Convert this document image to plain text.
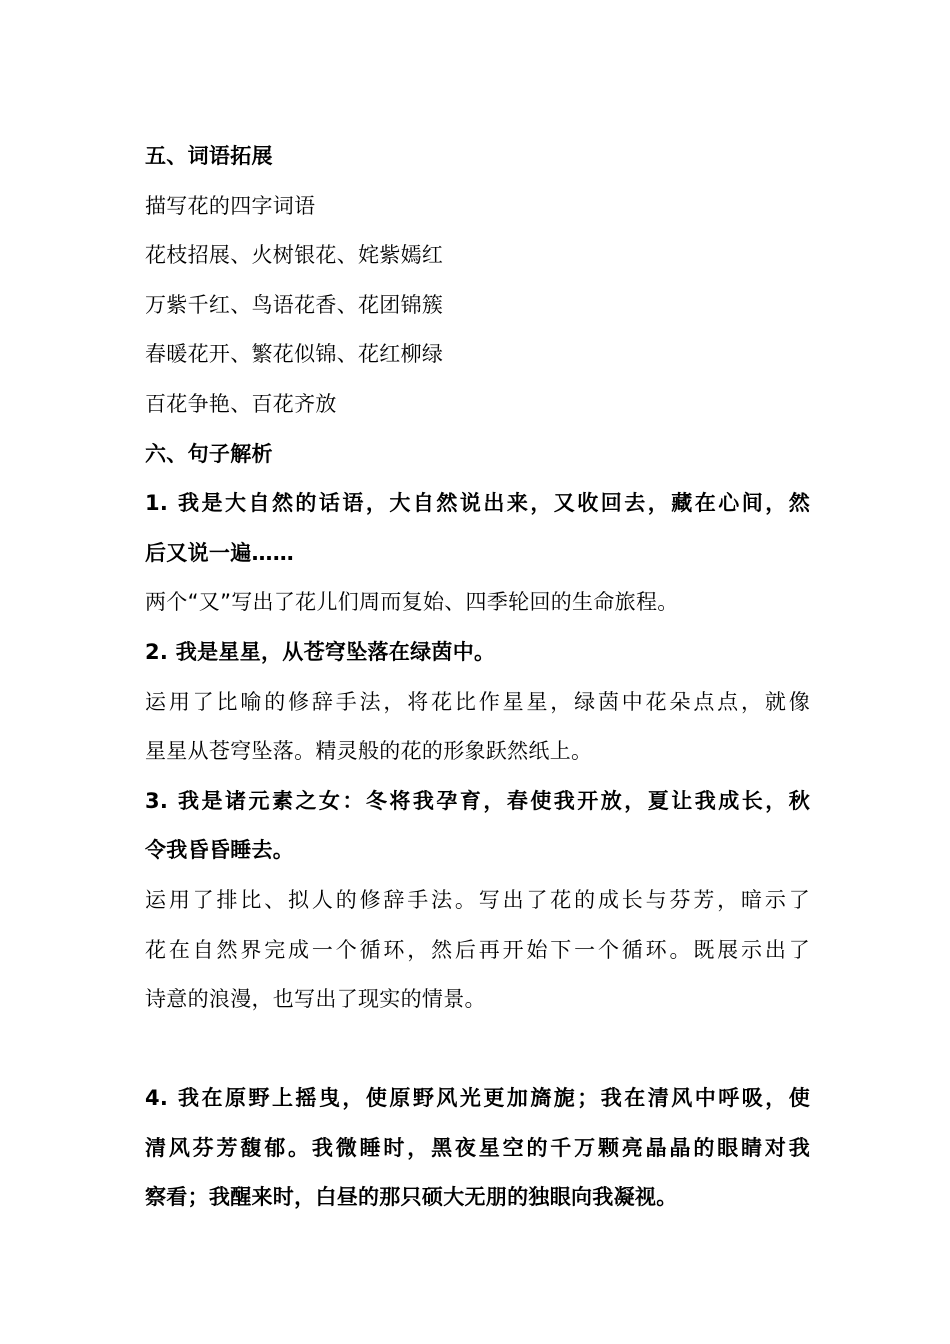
五、词语拓展
描写花的四字词语
花枝招展、火树银花、姹紫嫣红
万紫千红、鸟语花香、花团锦簇
春暖花开、繁花似锦、花红柳绿
百花争艳、百花齐放
六、句子解析
1. 我是大自然的话语，大自然说出来，又收回去，藏在心间，然
后又说一遍……
两个“又”写出了花儿们周而复始、四季轮回的生命旅程。
2. 我是星星，从苍穹坠落在绿茵中。
运用了比喻的修辞手法，将花比作星星，绿茵中花朵点点，就像
星星从苍穹坠落。精灵般的花的形象跃然纸上。
3. 我是诸元素之女：冬将我孕育，春使我开放，夏让我成长，秋
令我昏昏睡去。
运用了排比、拟人的修辞手法。写出了花的成长与芬芳，暗示了
花在自然界完成一个循环，然后再开始下一个循环。既展示出了
诗意的浪漫，也写出了现实的情景。
4. 我在原野上摇曳，使原野风光更加旖旎；我在清风中呼吸，使
清风芬芳馥郁。我微睡时，黑夜星空的千万颗亮晶晶的眼睛对我
察看；我醒来时，白昼的那只硕大无朋的独眼向我凝视。
